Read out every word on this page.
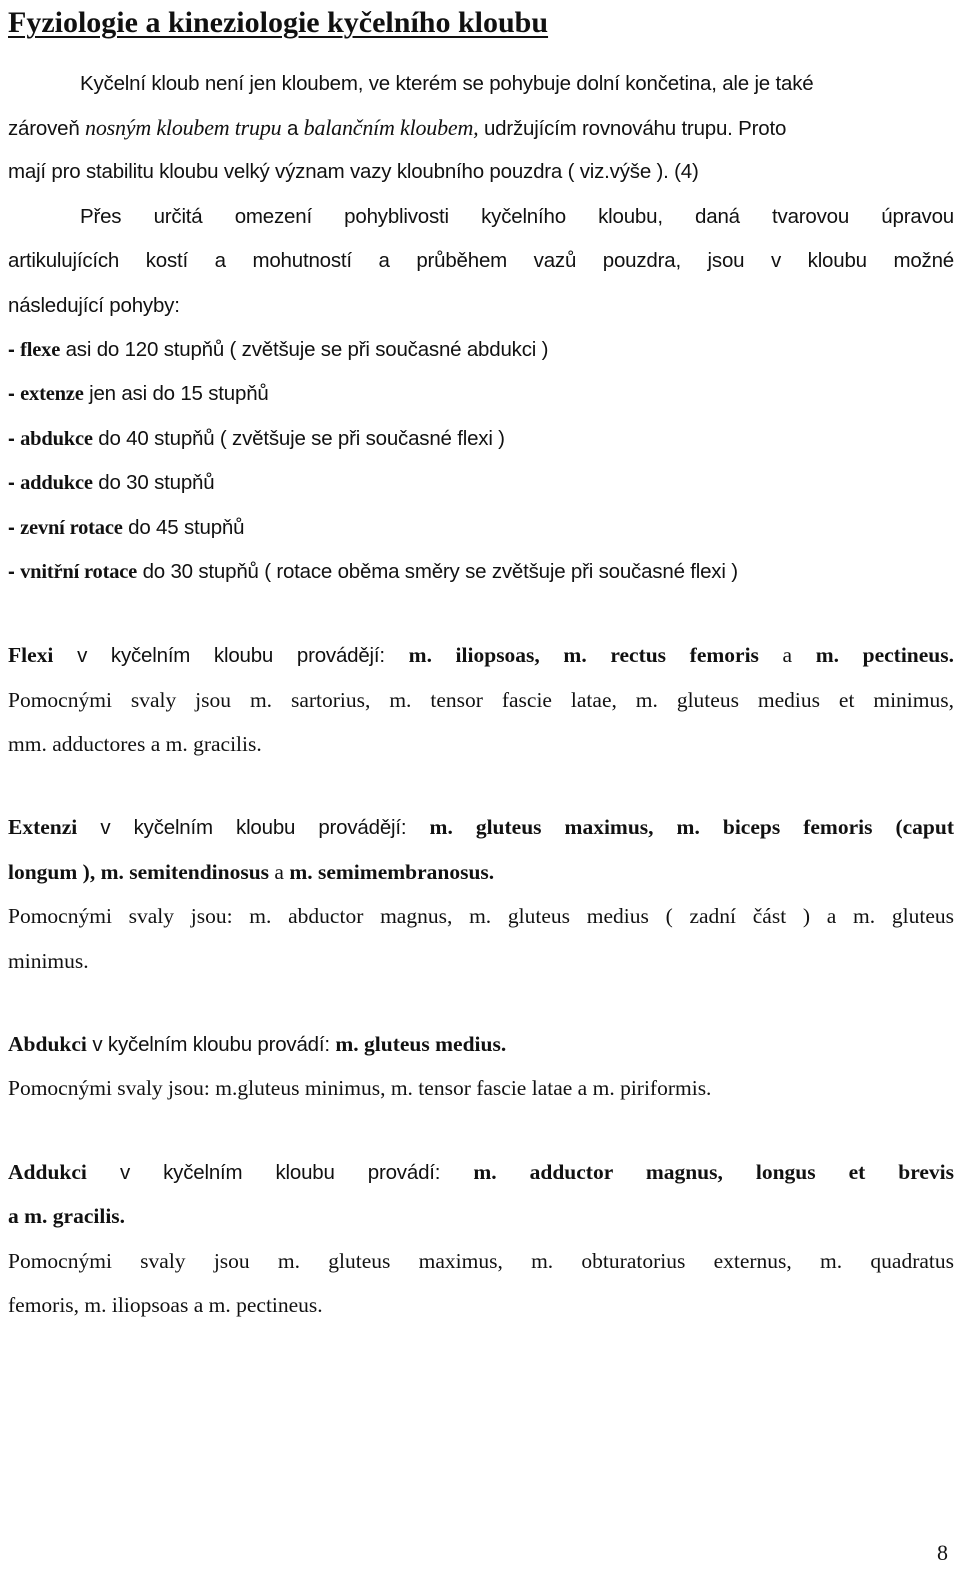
Fyziologie a kineziologie kyčelního kloubu
Kyčelní kloub není jen kloubem, ve kterém se pohybuje dolní končetina, ale je také
zároveň nosným kloubem trupu a balančním kloubem, udržujícím rovnováhu trupu. Proto
mají pro stabilitu kloubu velký význam vazy kloubního pouzdra ( viz.výše ). (4)
Přes určitá omezení pohyblivosti kyčelního kloubu, daná tvarovou úpravou
artikulujících kostí a mohutností a průběhem vazů pouzdra, jsou v kloubu možné
následující pohyby:
- flexe asi do 120 stupňů ( zvětšuje se při současné abdukci )
- extenze jen asi do 15 stupňů
- abdukce do 40 stupňů ( zvětšuje se při současné flexi )
- addukce do 30 stupňů
- zevní rotace do 45 stupňů
- vnitřní rotace do 30 stupňů ( rotace oběma směry se zvětšuje při současné flexi )
Flexi v kyčelním kloubu provádějí: m. iliopsoas, m. rectus femoris a m. pectineus.
Pomocnými svaly jsou m. sartorius, m. tensor fascie latae, m. gluteus medius et minimus,
mm. adductores a m. gracilis.
Extenzi v kyčelním kloubu provádějí: m. gluteus maximus, m. biceps femoris (caput
longum ), m. semitendinosus a m. semimembranosus.
Pomocnými svaly jsou: m. abductor magnus, m. gluteus medius ( zadní část ) a m. gluteus
minimus.
Abdukci v kyčelním kloubu provádí: m. gluteus medius.
Pomocnými svaly jsou: m.gluteus minimus, m. tensor fascie latae a m. piriformis.
Addukci v kyčelním kloubu provádí: m. adductor magnus, longus et brevis
a m. gracilis.
Pomocnými svaly jsou m. gluteus maximus, m. obturatorius externus, m. quadratus
femoris, m. iliopsoas a m. pectineus.
8
